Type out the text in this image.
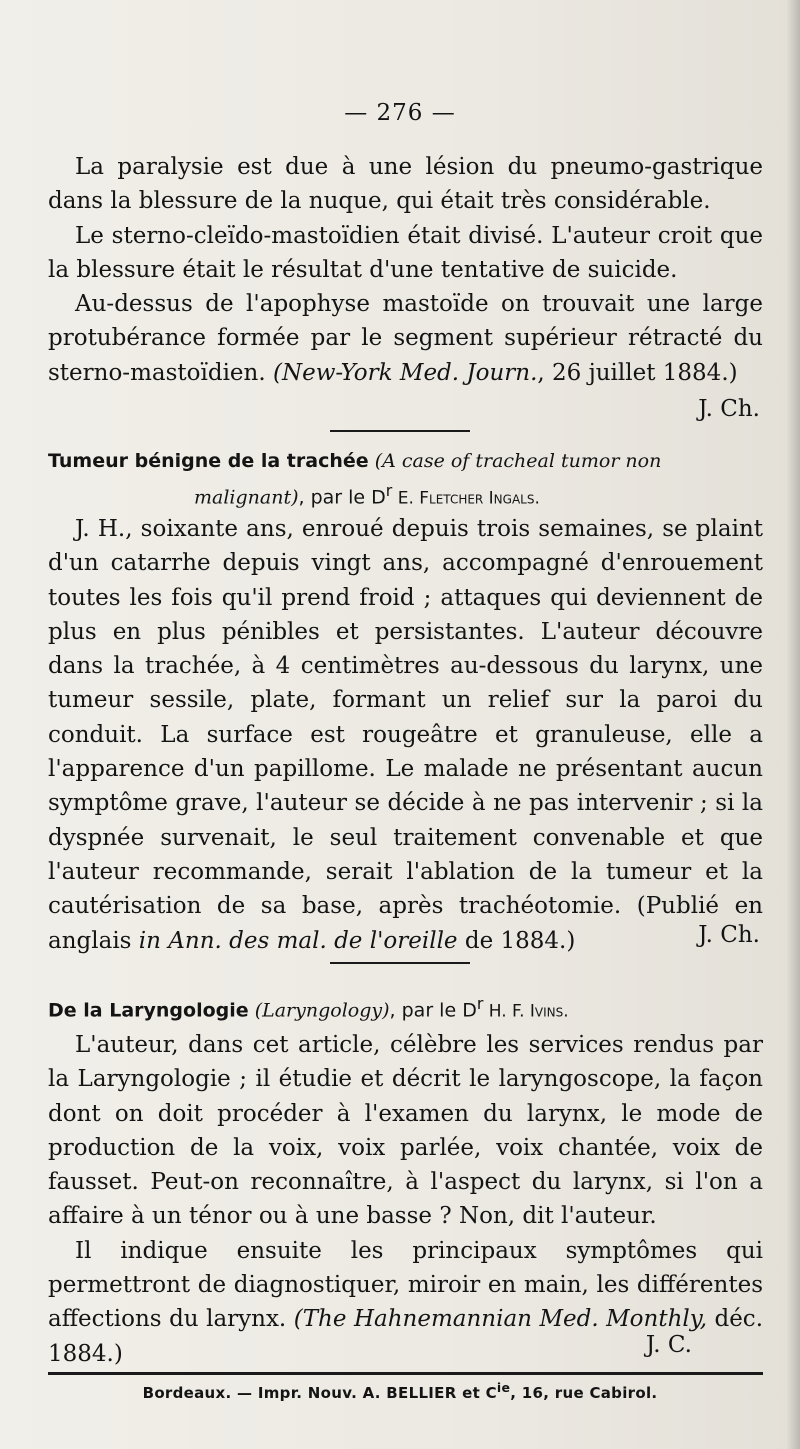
— 276 —

La paralysie est due à une lésion du pneumo-gastrique dans la blessure de la nuque, qui était très considérable.

Le sterno-cleïdo-mastoïdien était divisé. L'auteur croit que la blessure était le résultat d'une tentative de suicide.

Au-dessus de l'apophyse mastoïde on trouvait une large protubérance formée par le segment supérieur rétracté du sterno-mastoïdien. (New-York Med. Journ., 26 juillet 1884.)

J. Ch.
Tumeur bénigne de la trachée (A case of tracheal tumor non
malignant), par le $D^r$ E. Fletcher Ingals.

J. H., soixante ans, enroué depuis trois semaines, se plaint d'un catarrhe depuis vingt ans, accompagné d'enrouement toutes les fois qu'il prend froid ; attaques qui deviennent de plus en plus pénibles et persistantes. L'auteur découvre dans la trachée, à 4 centimètres au-dessous du larynx, une tumeur sessile, plate, formant un relief sur la paroi du conduit. La surface est rougeâtre et granuleuse, elle a l'apparence d'un papillome. Le malade ne présentant aucun symptôme grave, l'auteur se décide à ne pas intervenir ; si la dyspnée survenait, le seul traitement convenable et que l'auteur recommande, serait l'ablation de la tumeur et la cautérisation de sa base, après trachéotomie. (Publié en anglais in Ann. des mal. de l'oreille de 1884.)	J. Ch.
De la Laryngologie (Laryngology), par le $D^r$ H. F. Ivins.

L'auteur, dans cet article, célèbre les services rendus par la Laryngologie ; il étudie et décrit le laryngoscope, la façon dont on doit procéder à l'examen du larynx, le mode de production de la voix, voix parlée, voix chantée, voix de fausset. Peut-on reconnaître, à l'aspect du larynx, si l'on a affaire à un ténor ou à une basse ? Non, dit l'auteur.

Il indique ensuite les principaux symptômes qui permettront de diagnostiquer, miroir en main, les différentes affections du larynx. (The Hahnemannian Med. Monthly, déc. 1884.)	J. C.
Bordeaux. — Impr. Nouv. A. BELLIER et $C^{ie}$, 16, rue Cabirol.
